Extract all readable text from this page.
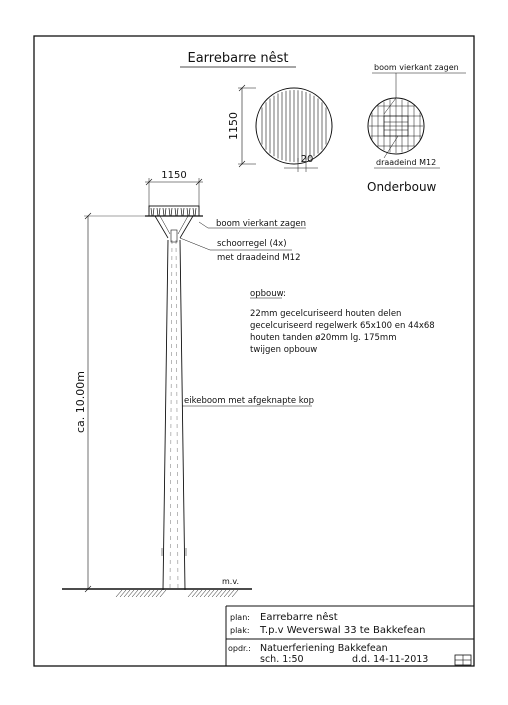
Earrebarre nêst
1150
20
boom vierkant zagen
draadeind M12
Onderbouw
1150
m.v.
ca. 10.00m
boom vierkant zagen
schoorregel (4x)
met draadeind M12
eikeboom met afgeknapte kop
opbouw:
22mm gecelcuriseerd houten delen
gecelcuriseerd regelwerk 65x100 en 44x68
houten tanden ø20mm lg. 175mm
twijgen opbouw
plan: Earrebarre nêst
plak: T.p.v Weverswal 33 te Bakkefean
opdr.: Natuerferiening Bakkefean
sch. 1:50	d.d. 14-11-2013
